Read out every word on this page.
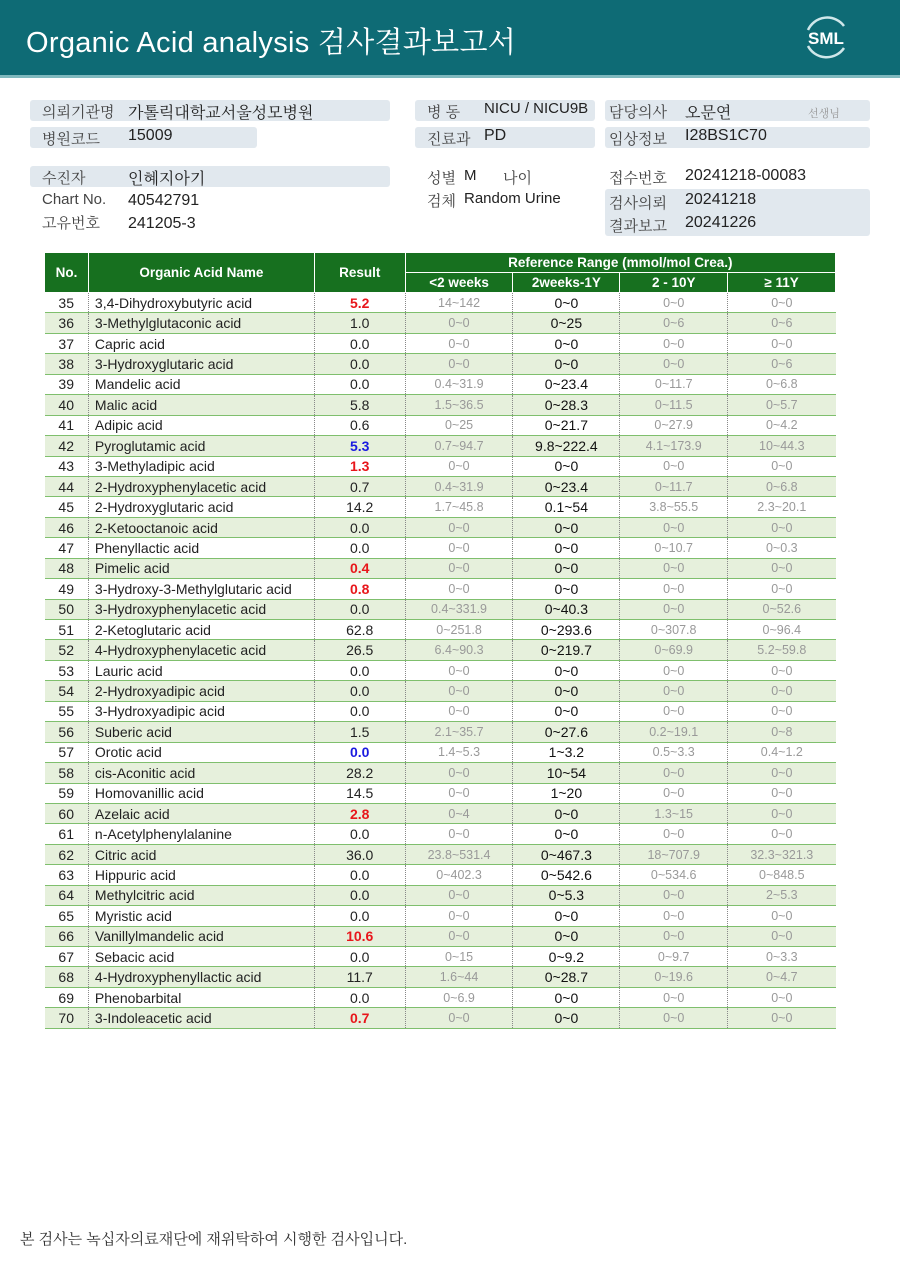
Organic Acid analysis 검사결과보고서	SML
의뢰기관명 가톨릭대학교서울성모병원
병원코드 15009
병 동 NICU / NICU9B
진료과 PD
담당의사 오문연	선생님
임상정보 I28BS1C70
수진자	인혜지아기
Chart No. 40542791
고유번호 241205-3
성별 M 나이
검체 Random Urine
접수번호 20241218-00083
검사의뢰 20241218
결과보고 20241226
No.	Organic Acid Name	Result	Reference Range (mmol/mol Crea.)			
			<2 weeks	2weeks-1Y	2 - 10Y	≥ 11Y
35	3,4-Dihydroxybutyric acid	5.2	14~142	0~0	0~0	0~0
36	3-Methylglutaconic acid	1.0	0~0	0~25	0~6	0~6
37	Capric acid	0.0	0~0	0~0	0~0	0~0
38	3-Hydroxyglutaric acid	0.0	0~0	0~0	0~0	0~6
39	Mandelic acid	0.0	0.4~31.9	0~23.4	0~11.7	0~6.8
40	Malic acid	5.8	1.5~36.5	0~28.3	0~11.5	0~5.7
41	Adipic acid	0.6	0~25	0~21.7	0~27.9	0~4.2
42	Pyroglutamic acid	5.3	0.7~94.7	9.8~222.4	4.1~173.9	10~44.3
43	3-Methyladipic acid	1.3	0~0	0~0	0~0	0~0
44	2-Hydroxyphenylacetic acid	0.7	0.4~31.9	0~23.4	0~11.7	0~6.8
45	2-Hydroxyglutaric acid	14.2	1.7~45.8	0.1~54	3.8~55.5	2.3~20.1
46	2-Ketooctanoic acid	0.0	0~0	0~0	0~0	0~0
47	Phenyllactic acid	0.0	0~0	0~0	0~10.7	0~0.3
48	Pimelic acid	0.4	0~0	0~0	0~0	0~0
49	3-Hydroxy-3-Methylglutaric acid	0.8	0~0	0~0	0~0	0~0
50	3-Hydroxyphenylacetic acid	0.0	0.4~331.9	0~40.3	0~0	0~52.6
51	2-Ketoglutaric acid	62.8	0~251.8	0~293.6	0~307.8	0~96.4
52	4-Hydroxyphenylacetic acid	26.5	6.4~90.3	0~219.7	0~69.9	5.2~59.8
53	Lauric acid	0.0	0~0	0~0	0~0	0~0
54	2-Hydroxyadipic acid	0.0	0~0	0~0	0~0	0~0
55	3-Hydroxyadipic acid	0.0	0~0	0~0	0~0	0~0
56	Suberic acid	1.5	2.1~35.7	0~27.6	0.2~19.1	0~8
57	Orotic acid	0.0	1.4~5.3	1~3.2	0.5~3.3	0.4~1.2
58	cis-Aconitic acid	28.2	0~0	10~54	0~0	0~0
59	Homovanillic acid	14.5	0~0	1~20	0~0	0~0
60	Azelaic acid	2.8	0~4	0~0	1.3~15	0~0
61	n-Acetylphenylalanine	0.0	0~0	0~0	0~0	0~0
62	Citric acid	36.0	23.8~531.4	0~467.3	18~707.9	32.3~321.3
63	Hippuric acid	0.0	0~402.3	0~542.6	0~534.6	0~848.5
64	Methylcitric acid	0.0	0~0	0~5.3	0~0	2~5.3
65	Myristic acid	0.0	0~0	0~0	0~0	0~0
66	Vanillylmandelic acid	10.6	0~0	0~0	0~0	0~0
67	Sebacic acid	0.0	0~15	0~9.2	0~9.7	0~3.3
68	4-Hydroxyphenyllactic acid	11.7	1.6~44	0~28.7	0~19.6	0~4.7
69	Phenobarbital	0.0	0~6.9	0~0	0~0	0~0
70	3-Indoleacetic acid	0.7	0~0	0~0	0~0	0~0
본 검사는 녹십자의료재단에 재위탁하여 시행한 검사입니다.
